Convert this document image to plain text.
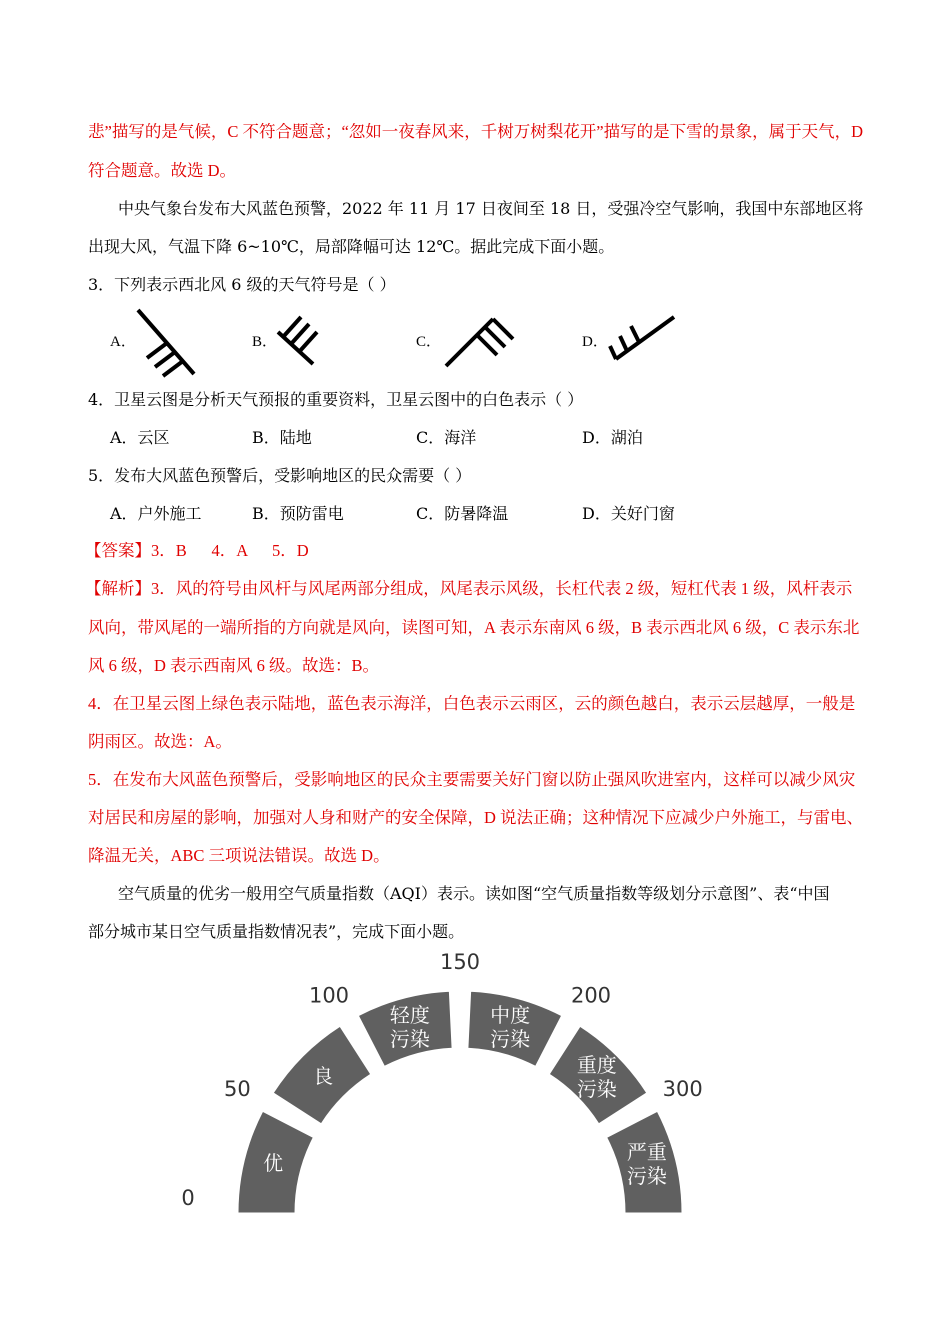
悲”描写的是气候，C 不符合题意；“忽如一夜春风来，千树万树梨花开”描写的是下雪的景象，属于天气，D
符合题意。故选 D。
中央气象台发布大风蓝色预警，2022 年 11 月 17 日夜间至 18 日，受强冷空气影响，我国中东部地区将
出现大风，气温下降 6~10℃，局部降幅可达 12℃。据此完成下面小题。
3．下列表示西北风 6 级的天气符号是（ ）
A．	B．	C．	D．
4．卫星云图是分析天气预报的重要资料，卫星云图中的白色表示（ ）
A．云区	B．陆地	C．海洋	D．湖泊
5．发布大风蓝色预警后，受影响地区的民众需要（ ）
A．户外施工	B．预防雷电	C．防暑降温	D．关好门窗
【答案】3．B      4．A      5．D
【解析】3．风的符号由风杆与风尾两部分组成，风尾表示风级，长杠代表 2 级，短杠代表 1 级，风杆表示
风向，带风尾的一端所指的方向就是风向，读图可知，A 表示东南风 6 级，B 表示西北风 6 级，C 表示东北
风 6 级，D 表示西南风 6 级。故选：B。
4．在卫星云图上绿色表示陆地，蓝色表示海洋，白色表示云雨区，云的颜色越白，表示云层越厚，一般是
阴雨区。故选：A。
5．在发布大风蓝色预警后，受影响地区的民众主要需要关好门窗以防止强风吹进室内，这样可以减少风灾
对居民和房屋的影响，加强对人身和财产的安全保障，D 说法正确；这种情况下应减少户外施工，与雷电、
降温无关，ABC 三项说法错误。故选 D。
空气质量的优劣一般用空气质量指数（AQI）表示。读如图“空气质量指数等级划分示意图”、表“中国
部分城市某日空气质量指数情况表”，完成下面小题。
优
良
轻度污染
中度污染
重度污染
严重污染
0
50
100
150
200
300
